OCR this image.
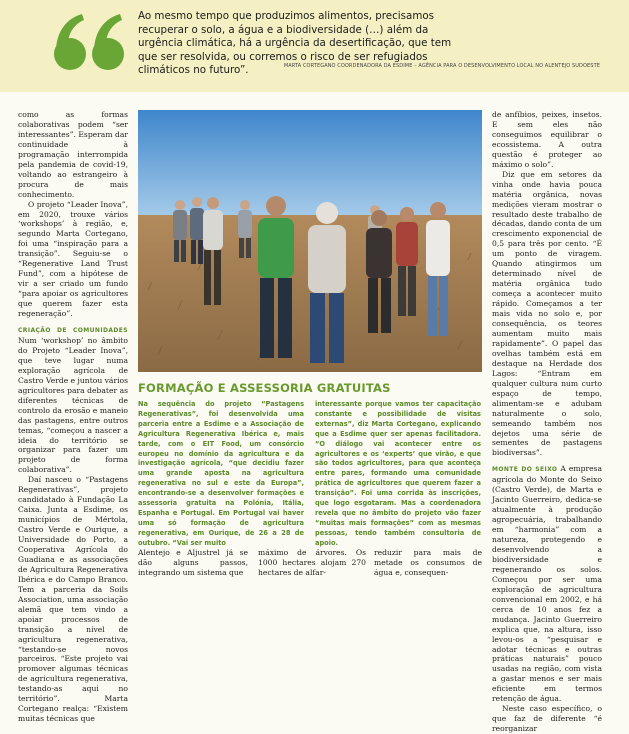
Ao mesmo tempo que produzimos alimentos, precisamos recuperar o solo, a água e a biodiversidade (…) além da urgência climática, há a urgência da desertificação, que tem que ser resolvida, ou corremos o risco de ser refugiados climáticos no futuro”.	MARTA CORTEGANO COORDENADORA DA ESDIME – AGÊNCIA PARA O DESENVOLVIMENTO LOCAL NO ALENTEJO SUDOESTE

como as formas colaborativas podem “ser interessantes”. Esperam dar continuidade à programação interrompida pela pandemia de covid-19, voltando ao estrangeiro à procura de mais conhecimento.

O projeto “Leader Inova”, em 2020, trouxe vários ‘workshops’ à região, e, segundo Marta Cortegano, foi uma “inspiração para a transição”. Seguiu-se o “Regenerative Land Trust Fund”, com a hipótese de vir a ser criado um fundo “para apoiar os agricultores que querem fazer esta regeneração”.

CRIAÇÃO DE COMUNIDADES Num ‘workshop’ no âmbito do Projeto “Leader Inova”, que teve lugar numa exploração agrícola de Castro Verde e juntou vários agricultores para debater as diferentes técnicas de controlo da erosão e maneio das pastagens, entre outros temas, “começou a nascer a ideia do território se organizar para fazer um projeto de forma colaborativa”.

Daí nasceu o “Pastagens Regenerativas”, projeto candidatado à Fundação La Caixa. Junta a Esdime, os municípios de Mértola, Castro Verde e Ourique, a Universidade do Porto, a Cooperativa Agrícola do Guadiana e as associações de Agricultura Regenerativa Ibérica e do Campo Branco. Tem a parceria da Soils Association, uma associação alemã que tem vindo a apoiar processos de transição a nível de agricultura regenerativa, “testando-se novos parceiros. “Este projeto vai promover algumas técnicas de agricultura regenerativa, testando-as aqui no território”. Marta Cortegano realça: “Existem muitas técnicas que

FORMAÇÃO E ASSESSORIA GRATUITAS
Na sequência do projeto “Pastagens Regenerativas”, foi desenvolvida uma parceria entre a Esdime e a Associação de Agricultura Regenerativa Ibérica e, mais tarde, com o EIT Food, um consórcio europeu no domínio da agricultura e da investigação agrícola, “que decidiu fazer uma grande aposta na agricultura regenerativa no sul e este da Europa”, encontrando-se a desenvolver formações e assessoria gratuita na Polónia, Itália, Espanha e Portugal. Em Portugal vai haver uma só formação de agricultura regenerativa, em Ourique, de 26 a 28 de outubro. “Vai ser muito
interessante porque vamos ter capacitação constante e possibilidade de visitas externas”, diz Marta Cortegano, explicando que a Esdime quer ser apenas facilitadora. “O diálogo vai acontecer entre os agricultores e os ‘experts’ que virão, e que são todos agricultores, para que aconteça entre pares, formando uma comunidade prática de agricultores que querem fazer a transição”. Foi uma corrida às inscrições, que logo esgotaram. Mas a coordenadora revela que no âmbito do projeto vão fazer “muitas mais formações” com as mesmas pessoas, tendo também consultoria de apoio.
Alentejo e Aljustrel já se dão alguns passos, integrando um sistema que
máximo de árvores. Os 1000 hectares alojam 270 hectares de alfar-
reduzir para mais de metade os consumos de água e, consequen-

de anfíbios, peixes, insetos. E sem eles não conseguimos equilibrar o ecossistema. A outra questão é proteger ao máximo o solo”.

Diz que em setores da vinha onde havia pouca matéria orgânica, novas medições vieram mostrar o resultado deste trabalho de décadas, dando conta de um crescimento exponencial de 0,5 para três por cento. “É um ponto de viragem. Quando atingirmos um determinado nível de matéria orgânica tudo começa a acontecer muito rápido. Começamos a ter mais vida no solo e, por consequência, os teores aumentam muito mais rapidamente”. O papel das ovelhas também está em destaque na Herdade dos Lagos: “Entram em qualquer cultura num curto espaço de tempo, alimentam-se e adubam naturalmente o solo, semeando também nos dejetos uma série de sementes de pastagens biodiversas”.

MONTE DO SEIXO A empresa agrícola do Monte do Seixo (Castro Verde), de Marta e Jacinto Guerreiro, dedica-se atualmente à produção agropecuária, trabalhando em “harmonia” com a natureza, protegendo e desenvolvendo a biodiversidade e regenerando os solos. Começou por ser uma exploração de agricultura convencional em 2002, e há cerca de 10 anos fez a mudança. Jacinto Guerreiro explica que, na altura, isso levou-os a “pesquisar e adotar técnicas e outras práticas naturais” pouco usadas na região, com vista a gastar menos e ser mais eficiente em termos retenção de água.

Neste caso específico, o que faz de diferente “é reorganizar
